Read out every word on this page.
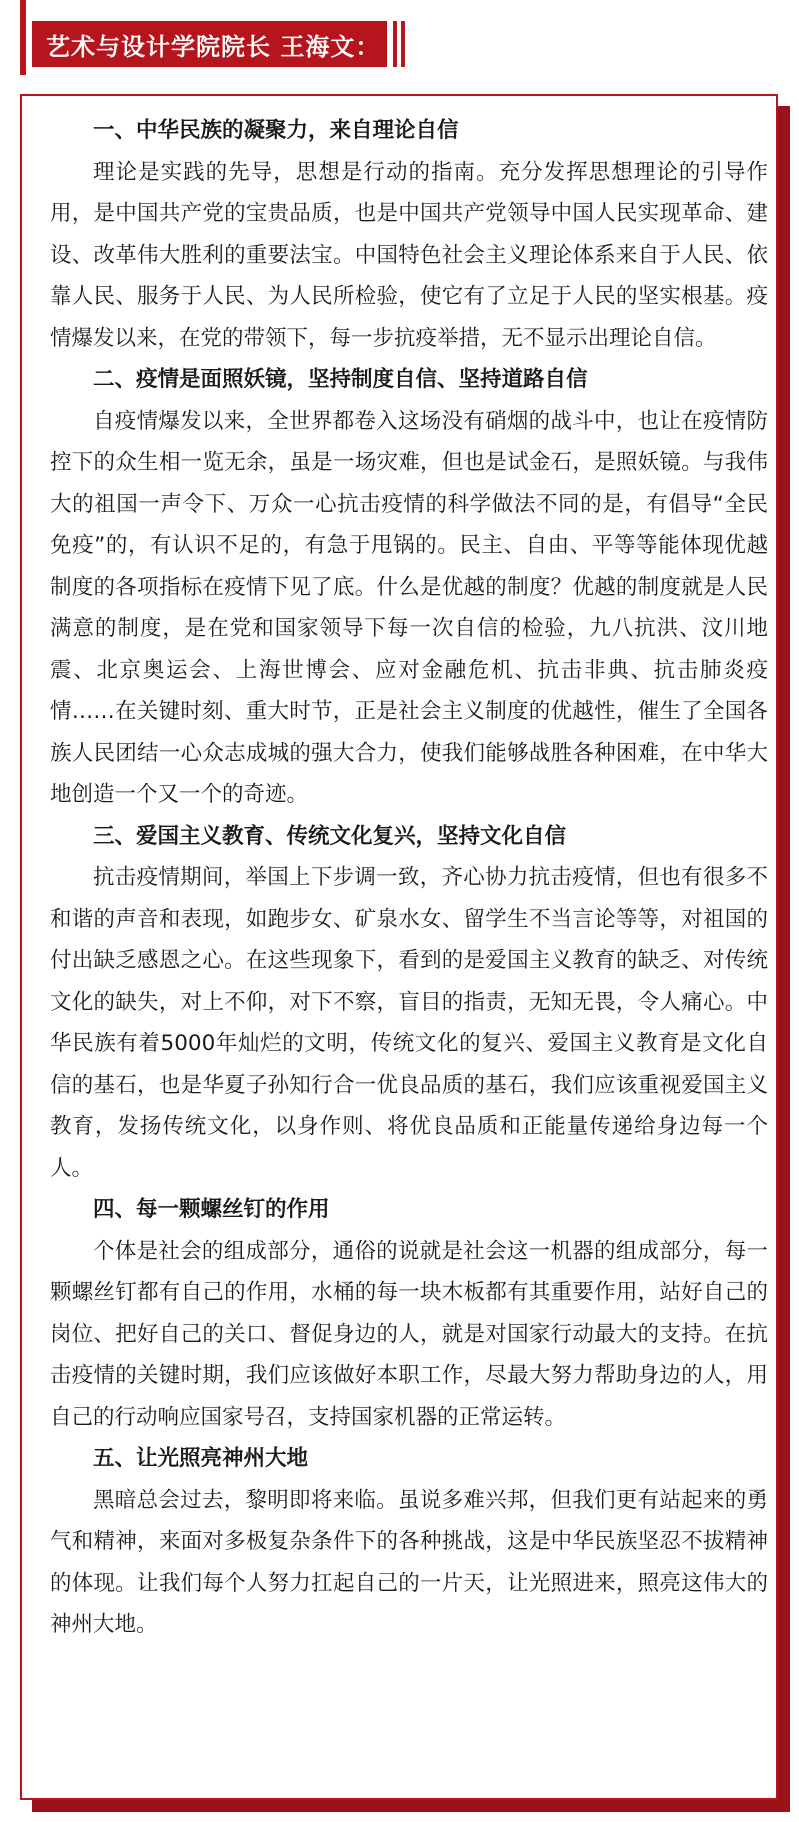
艺术与设计学院院长 王海文：
一、中华民族的凝聚力，来自理论自信

理论是实践的先导，思想是行动的指南。充分发挥思想理论的引导作用，是中国共产党的宝贵品质，也是中国共产党领导中国人民实现革命、建设、改革伟大胜利的重要法宝。中国特色社会主义理论体系来自于人民、依靠人民、服务于人民、为人民所检验，使它有了立足于人民的坚实根基。疫情爆发以来，在党的带领下，每一步抗疫举措，无不显示出理论自信。

二、疫情是面照妖镜，坚持制度自信、坚持道路自信

自疫情爆发以来，全世界都卷入这场没有硝烟的战斗中，也让在疫情防控下的众生相一览无余，虽是一场灾难，但也是试金石，是照妖镜。与我伟大的祖国一声令下、万众一心抗击疫情的科学做法不同的是，有倡导“全民免疫”的，有认识不足的，有急于甩锅的。民主、自由、平等等能体现优越制度的各项指标在疫情下见了底。什么是优越的制度？优越的制度就是人民满意的制度，是在党和国家领导下每一次自信的检验，九八抗洪、汶川地震、北京奥运会、上海世博会、应对金融危机、抗击非典、抗击肺炎疫情……在关键时刻、重大时节，正是社会主义制度的优越性，催生了全国各族人民团结一心众志成城的强大合力，使我们能够战胜各种困难，在中华大地创造一个又一个的奇迹。

三、爱国主义教育、传统文化复兴，坚持文化自信

抗击疫情期间，举国上下步调一致，齐心协力抗击疫情，但也有很多不和谐的声音和表现，如跑步女、矿泉水女、留学生不当言论等等，对祖国的付出缺乏感恩之心。在这些现象下，看到的是爱国主义教育的缺乏、对传统文化的缺失，对上不仰，对下不察，盲目的指责，无知无畏，令人痛心。中华民族有着5000年灿烂的文明，传统文化的复兴、爱国主义教育是文化自信的基石，也是华夏子孙知行合一优良品质的基石，我们应该重视爱国主义教育，发扬传统文化，以身作则、将优良品质和正能量传递给身边每一个人。

四、每一颗螺丝钉的作用

个体是社会的组成部分，通俗的说就是社会这一机器的组成部分，每一颗螺丝钉都有自己的作用，水桶的每一块木板都有其重要作用，站好自己的岗位、把好自己的关口、督促身边的人，就是对国家行动最大的支持。在抗击疫情的关键时期，我们应该做好本职工作，尽最大努力帮助身边的人，用自己的行动响应国家号召，支持国家机器的正常运转。

五、让光照亮神州大地

黑暗总会过去，黎明即将来临。虽说多难兴邦，但我们更有站起来的勇气和精神，来面对多极复杂条件下的各种挑战，这是中华民族坚忍不拔精神的体现。让我们每个人努力扛起自己的一片天，让光照进来，照亮这伟大的神州大地。
